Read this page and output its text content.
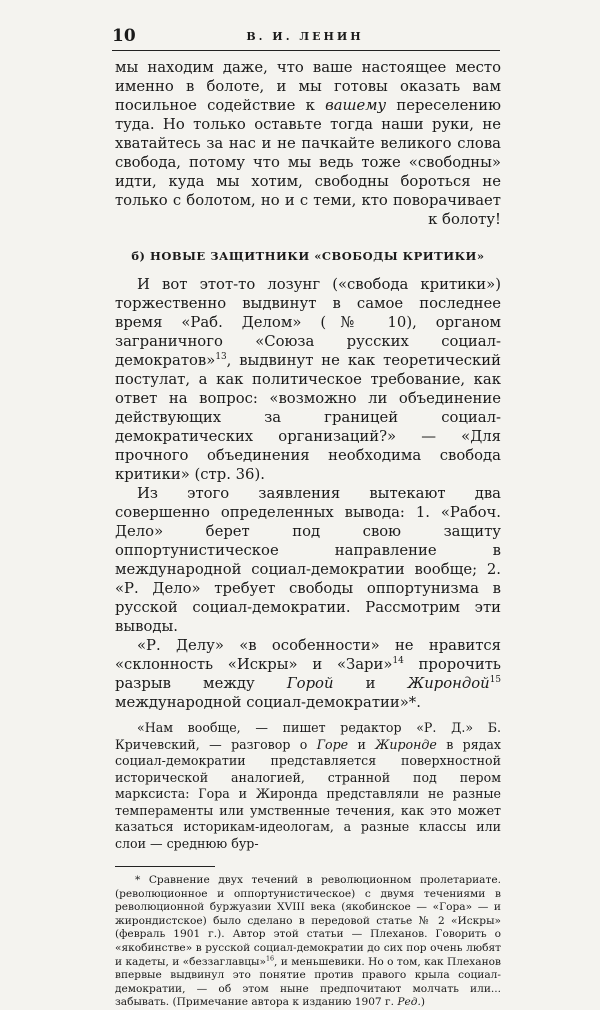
10	В. И. ЛЕНИН

мы находим даже, что ваше настоящее место именно в болоте, и мы готовы оказать вам посильное содействие к вашему переселению туда. Но только оставьте тогда наши руки, не хватайтесь за нас и не пачкайте великого слова свобода, потому что мы ведь тоже «свободны» идти, куда мы хотим, свободны бороться не только с болотом, но и с теми, кто поворачивает к болоту!

б) НОВЫЕ ЗАЩИТНИКИ «СВОБОДЫ КРИТИКИ»

И вот этот-то лозунг («свобода критики») торжественно выдвинут в самое последнее время «Раб. Делом» (№ 10), органом заграничного «Союза русских социал-демократов»$^{13}$, выдвинут не как теоретический постулат, а как политическое требование, как ответ на вопрос: «возможно ли объединение действующих за границей социал-демократических организаций?» — «Для прочного объединения необходима свобода критики» (стр. 36).

Из этого заявления вытекают два совершенно определенных вывода: 1. «Рабоч. Дело» берет под свою защиту оппортунистическое направление в международной социал-демократии вообще; 2. «Р. Дело» требует свободы оппортунизма в русской социал-демократии. Рассмотрим эти выводы.

«Р. Делу» «в особенности» не нравится «склонность «Искры» и «Зари»$^{14}$ пророчить разрыв между Горой и Жирондой$^{15}$ международной социал-демократии»*.

«Нам вообще, — пишет редактор «Р. Д.» Б. Кричевский, — разговор о Горе и Жиронде в рядах социал-демократии представляется поверхностной исторической аналогией, странной под пером марксиста: Гора и Жиронда представляли не разные темпераменты или умственные течения, как это может казаться историкам-идеологам, а разные классы или слои — среднюю бур-

* Сравнение двух течений в революционном пролетариате. (революционное и оппортунистическое) с двумя течениями в революционной буржуазии XVIII века (якобинское — «Гора» — и жирондистское) было сделано в передовой статье № 2 «Искры» (февраль 1901 г.). Автор этой статьи — Плеханов. Говорить о «якобинстве» в русской социал-демократии до сих пор очень любят и кадеты, и «беззаглавцы»$^{16}$, и меньшевики. Но о том, как Плеханов впервые выдвинул это понятие против правого крыла социал-демократии, — об этом ныне предпочитают молчать или... забывать. (Примечание автора к изданию 1907 г. Ред.)
